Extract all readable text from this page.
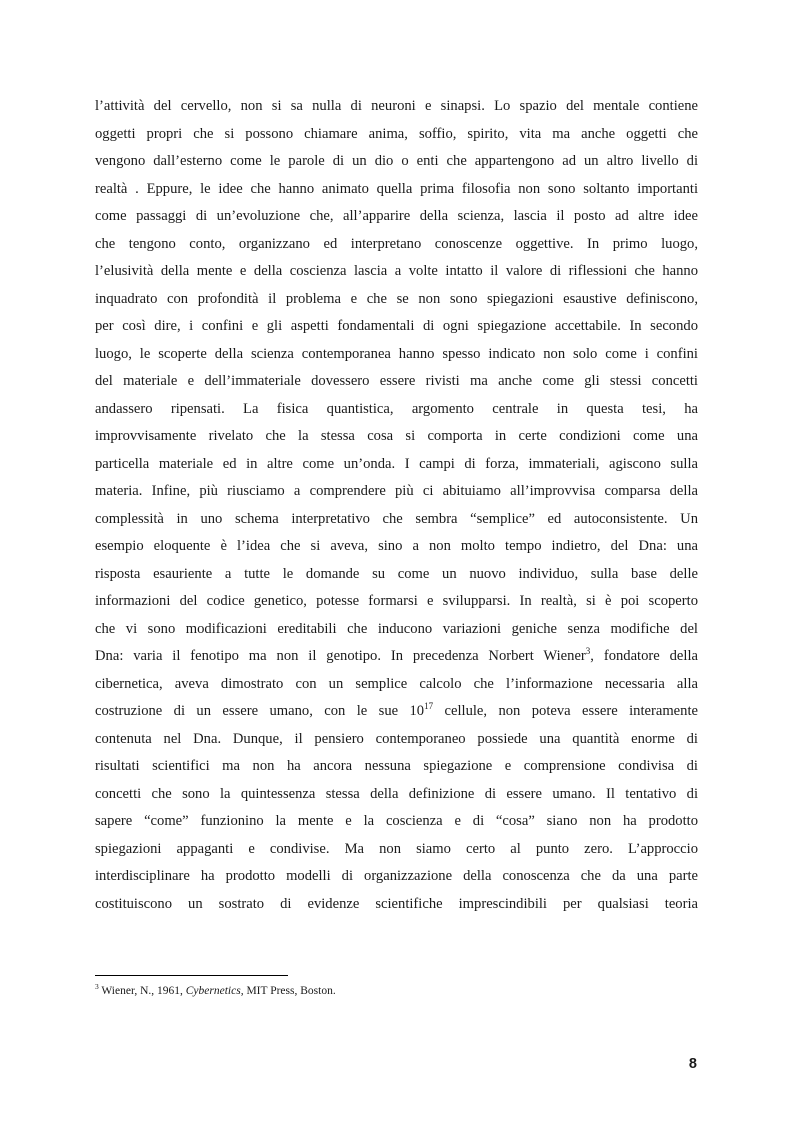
l’attività del cervello, non si sa nulla di neuroni e sinapsi. Lo spazio del mentale contiene
oggetti propri che si possono chiamare anima, soffio, spirito, vita ma anche oggetti che
vengono dall’esterno come le parole di un dio o enti che appartengono ad un altro livello di
realtà . Eppure, le idee che hanno animato quella prima filosofia non sono soltanto importanti
come passaggi di un’evoluzione che, all’apparire della scienza, lascia il posto ad altre idee
che tengono conto, organizzano ed interpretano conoscenze oggettive. In primo luogo,
l’elusività della mente e della coscienza lascia a volte intatto il valore di riflessioni che hanno
inquadrato con profondità il problema e che se non sono spiegazioni esaustive definiscono,
per così dire, i confini e gli aspetti fondamentali di ogni spiegazione accettabile. In secondo
luogo, le scoperte della scienza contemporanea hanno spesso indicato non solo come i confini
del materiale e dell’immateriale dovessero essere rivisti ma anche come gli stessi concetti
andassero ripensati. La fisica quantistica, argomento centrale in questa tesi, ha
improvvisamente rivelato che la stessa cosa si comporta in certe condizioni come una
particella materiale ed in altre come un’onda. I campi di forza, immateriali, agiscono sulla
materia. Infine, più riusciamo a comprendere più ci abituiamo all’improvvisa comparsa della
complessità in uno schema interpretativo che sembra “semplice” ed autoconsistente. Un
esempio eloquente è l’idea che si aveva, sino a non molto tempo indietro, del Dna: una
risposta esauriente a tutte le domande su come un nuovo individuo, sulla base delle
informazioni del codice genetico, potesse formarsi e svilupparsi. In realtà, si è poi scoperto
che vi sono modificazioni ereditabili che inducono variazioni geniche senza modifiche del
Dna: varia il fenotipo ma non il genotipo. In precedenza Norbert Wiener$^3$, fondatore della
cibernetica, aveva dimostrato con un semplice calcolo che l’informazione necessaria alla
costruzione di un essere umano, con le sue $10^{17}$ cellule, non poteva essere interamente
contenuta nel Dna. Dunque, il pensiero contemporaneo possiede una quantità enorme di
risultati scientifici ma non ha ancora nessuna spiegazione e comprensione condivisa di
concetti che sono la quintessenza stessa della definizione di essere umano. Il tentativo di
sapere “come” funzionino la mente e la coscienza e di “cosa” siano non ha prodotto
spiegazioni appaganti e condivise. Ma non siamo certo al punto zero. L’approccio
interdisciplinare ha prodotto modelli di organizzazione della conoscenza che da una parte
costituiscono un sostrato di evidenze scientifiche imprescindibili per qualsiasi teoria
$^3$ Wiener, N., 1961, Cybernetics, MIT Press, Boston.
8
